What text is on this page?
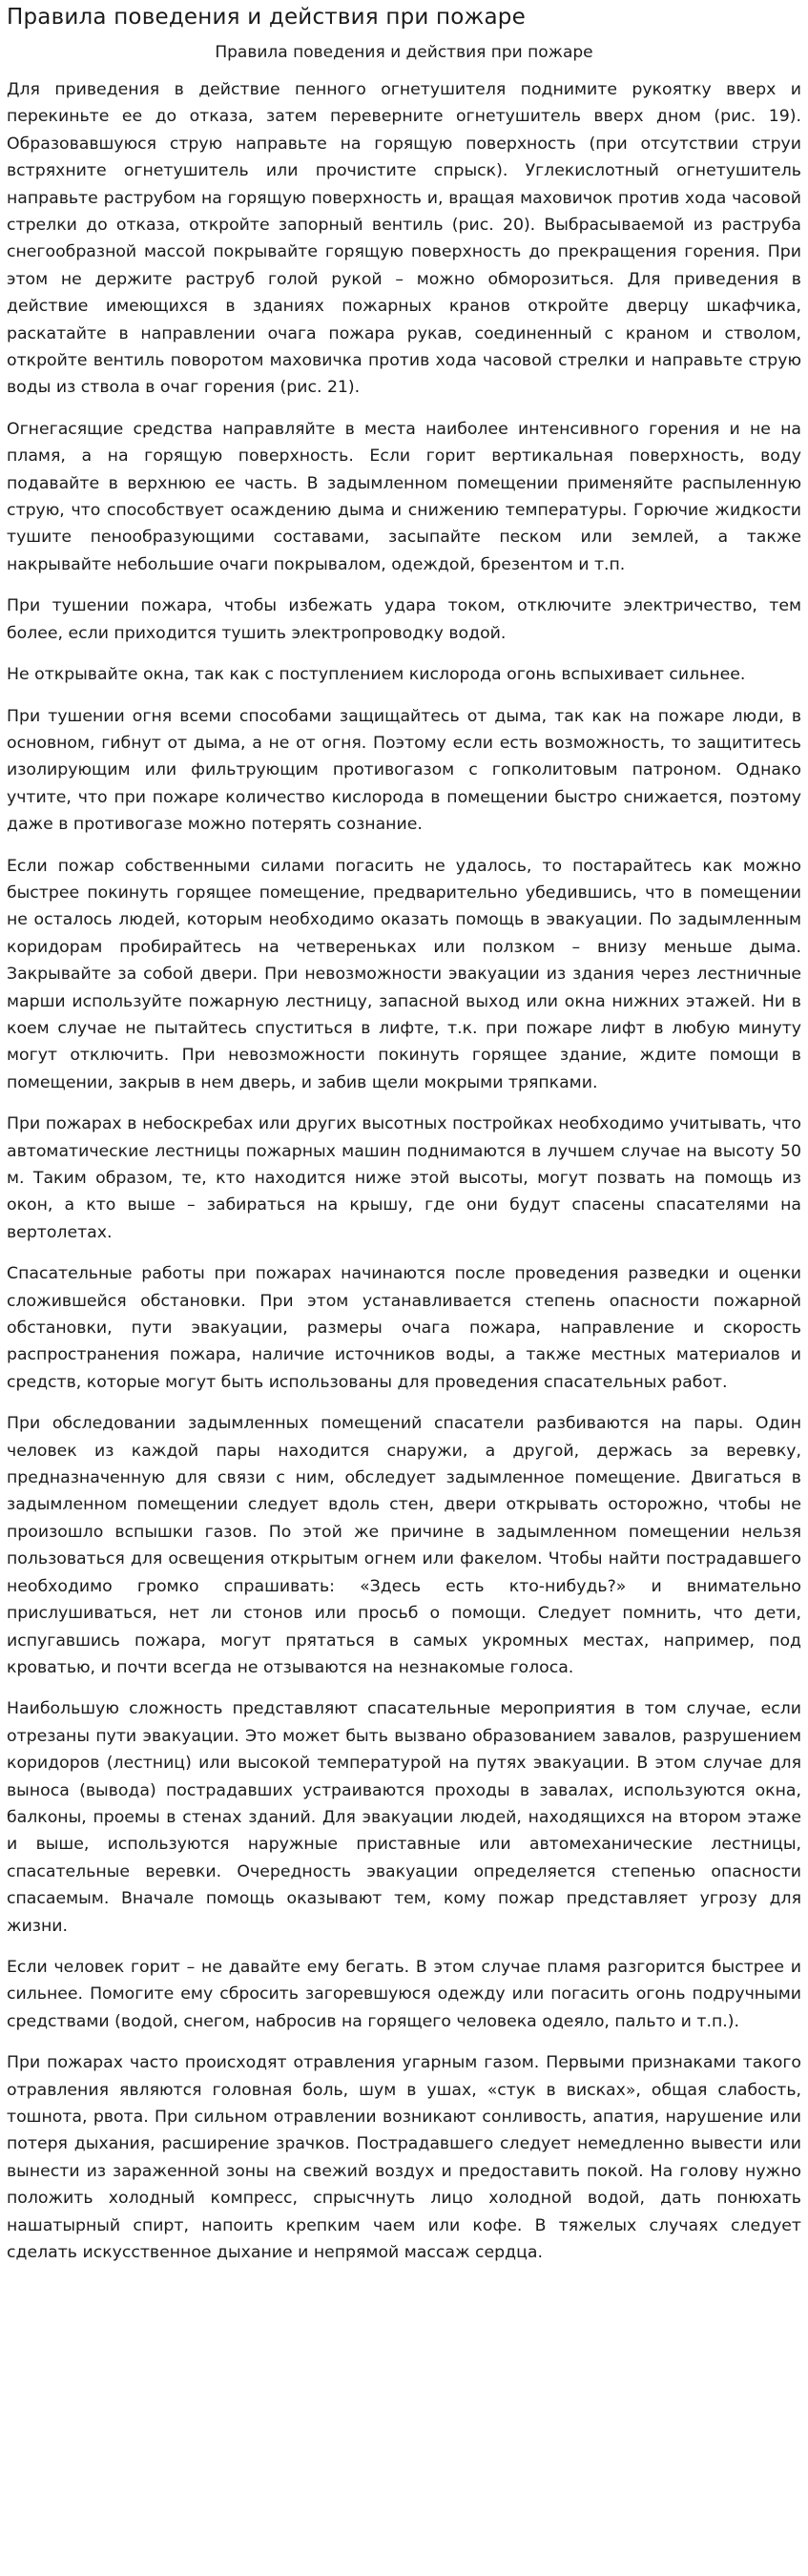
Правила поведения и действия при пожаре
Правила поведения и действия при пожаре

Для приведения в действие пенного огнетушителя поднимите рукоятку вверх и перекиньте ее до отказа, затем переверните огнетушитель вверх дном (рис. 19). Образовавшуюся струю направьте на горящую поверхность (при отсутствии струи встряхните огнетушитель или прочистите спрыск). Углекислотный огнетушитель направьте раструбом на горящую поверхность и, вращая маховичок против хода часовой стрелки до отказа, откройте запорный вентиль (рис. 20). Выбрасываемой из раструба снегообразной массой покрывайте горящую поверхность до прекращения горения. При этом не держите раструб голой рукой – можно обморозиться. Для приведения в действие имеющихся в зданиях пожарных кранов откройте дверцу шкафчика, раскатайте в направлении очага пожара рукав, соединенный с краном и стволом, откройте вентиль поворотом маховичка против хода часовой стрелки и направьте струю воды из ствола в очаг горения (рис. 21).

Огнегасящие средства направляйте в места наиболее интенсивного горения и не на пламя, а на горящую поверхность. Если горит вертикальная поверхность, воду подавайте в верхнюю ее часть. В задымленном помещении применяйте распыленную струю, что способствует осаждению дыма и снижению температуры. Горючие жидкости тушите пенообразующими составами, засыпайте песком или землей, а также накрывайте небольшие очаги покрывалом, одеждой, брезентом и т.п.

При тушении пожара, чтобы избежать удара током, отключите электричество, тем более, если приходится тушить электропроводку водой.

Не открывайте окна, так как с поступлением кислорода огонь вспыхивает сильнее.

При тушении огня всеми способами защищайтесь от дыма, так как на пожаре люди, в основном, гибнут от дыма, а не от огня. Поэтому если есть возможность, то защититесь изолирующим или фильтрующим противогазом с гопколитовым патроном. Однако учтите, что при пожаре количество кислорода в помещении быстро снижается, поэтому даже в противогазе можно потерять сознание.

Если пожар собственными силами погасить не удалось, то постарайтесь как можно быстрее покинуть горящее помещение, предварительно убедившись, что в помещении не осталось людей, которым необходимо оказать помощь в эвакуации. По задымленным коридорам пробирайтесь на четвереньках или ползком – внизу меньше дыма. Закрывайте за собой двери. При невозможности эвакуации из здания через лестничные марши используйте пожарную лестницу, запасной выход или окна нижних этажей. Ни в коем случае не пытайтесь спуститься в лифте, т.к. при пожаре лифт в любую минуту могут отключить. При невозможности покинуть горящее здание, ждите помощи в помещении, закрыв в нем дверь, и забив щели мокрыми тряпками.

При пожарах в небоскребах или других высотных постройках необходимо учитывать, что автоматические лестницы пожарных машин поднимаются в лучшем случае на высоту 50 м. Таким образом, те, кто находится ниже этой высоты, могут позвать на помощь из окон, а кто выше – забираться на крышу, где они будут спасены спасателями на вертолетах.

Спасательные работы при пожарах начинаются после проведения разведки и оценки сложившейся обстановки. При этом устанавливается степень опасности пожарной обстановки, пути эвакуации, размеры очага пожара, направление и скорость распространения пожара, наличие источников воды, а также местных материалов и средств, которые могут быть использованы для проведения спасательных работ.

При обследовании задымленных помещений спасатели разбиваются на пары. Один человек из каждой пары находится снаружи, а другой, держась за веревку, предназначенную для связи с ним, обследует задымленное помещение. Двигаться в задымленном помещении следует вдоль стен, двери открывать осторожно, чтобы не произошло вспышки газов. По этой же причине в задымленном помещении нельзя пользоваться для освещения открытым огнем или факелом. Чтобы найти пострадавшего необходимо громко спрашивать: «Здесь есть кто-нибудь?» и внимательно прислушиваться, нет ли стонов или просьб о помощи. Следует помнить, что дети, испугавшись пожара, могут прятаться в самых укромных местах, например, под кроватью, и почти всегда не отзываются на незнакомые голоса.

Наибольшую сложность представляют спасательные мероприятия в том случае, если отрезаны пути эвакуации. Это может быть вызвано образованием завалов, разрушением коридоров (лестниц) или высокой температурой на путях эвакуации. В этом случае для выноса (вывода) пострадавших устраиваются проходы в завалах, используются окна, балконы, проемы в стенах зданий. Для эвакуации людей, находящихся на втором этаже и выше, используются наружные приставные или автомеханические лестницы, спасательные веревки. Очередность эвакуации определяется степенью опасности спасаемым. Вначале помощь оказывают тем, кому пожар представляет угрозу для жизни.

Если человек горит – не давайте ему бегать. В этом случае пламя разгорится быстрее и сильнее. Помогите ему сбросить загоревшуюся одежду или погасить огонь подручными средствами (водой, снегом, набросив на горящего человека одеяло, пальто и т.п.).

При пожарах часто происходят отравления угарным газом. Первыми признаками такого отравления являются головная боль, шум в ушах, «стук в висках», общая слабость, тошнота, рвота. При сильном отравлении возникают сонливость, апатия, нарушение или потеря дыхания, расширение зрачков. Пострадавшего следует немедленно вывести или вынести из зараженной зоны на свежий воздух и предоставить покой. На голову нужно положить холодный компресс, спрысчнуть лицо холодной водой, дать понюхать нашатырный спирт, напоить крепким чаем или кофе. В тяжелых случаях следует сделать искусственное дыхание и непрямой массаж сердца.
